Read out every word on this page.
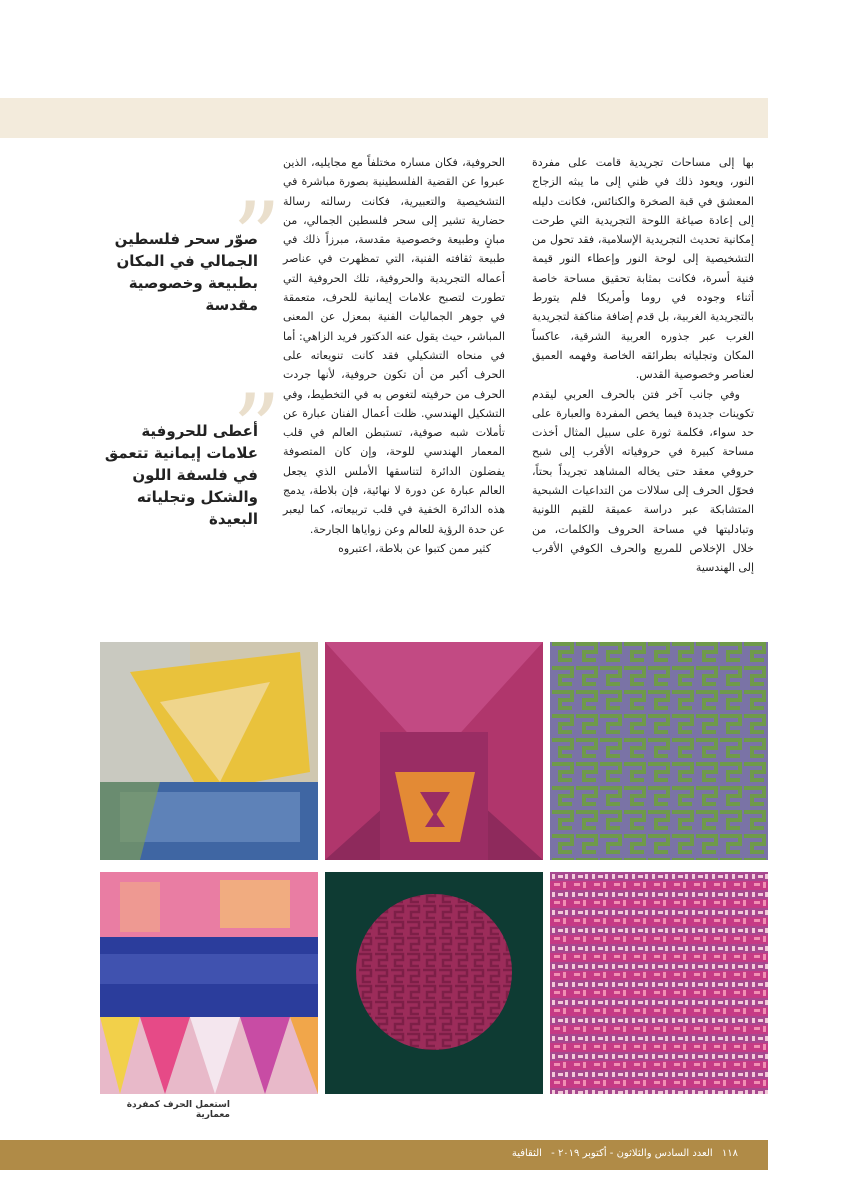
بها إلى مساحات تجريدية قامت على مفردة النور، ويعود ذلك في ظني إلى ما يبثه الزجاج المعشق في قبة الصخرة والكنائس، فكانت دليله إلى إعادة صياغة اللوحة التجريدية التي طرحت إمكانية تحديث التجريدية الإسلامية، فقد تحول من التشخيصية إلى لوحة النور وإعطاء النور قيمة فنية أسرة، فكانت بمثابة تحقيق مساحة خاصة أثناء وجوده في روما وأمريكا فلم يتورط بالتجريدية الغربية، بل قدم إضافة مناكفة لتجريدية الغرب عبر جذوره العربية الشرقية، عاكساً المكان وتجلياته بطرائقه الخاصة وفهمه العميق لعناصر وخصوصية القدس.

وفي جانب آخر فتن بالحرف العربي ليقدم تكوينات جديدة فيما يخص المفردة والعبارة على حد سواء، فكلمة ثورة على سبيل المثال أخذت مساحة كبيرة في حروفياته الأقرب إلى شبح حروفي معقد حتى يخاله المشاهد تجريداً بحتاً، فحوّل الحرف إلى سلالات من التداعيات الشبحية المتشابكة عبر دراسة عميقة للقيم اللونية وتبادليتها في مساحة الحروف والكلمات، من خلال الإخلاص للمربع والحرف الكوفي الأقرب إلى الهندسية

الحروفية، فكان مساره مختلفاً مع مجايليه، الذين عبروا عن القضية الفلسطينية بصورة مباشرة في التشخيصية والتعبيرية، فكانت رسالته رسالة حضارية تشير إلى سحر فلسطين الجمالي، من مبانٍ وطبيعة وخصوصية مقدسة، مبرزاً ذلك في طبيعة ثقافته الفنية، التي تمظهرت في عناصر أعماله التجريدية والحروفية، تلك الحروفية التي تطورت لتصبح علامات إيمانية للحرف، متعمقة في جوهر الجماليات الفنية بمعزل عن المعنى المباشر، حيث يقول عنه الدكتور فريد الزاهي: أما في منحاه التشكيلي فقد كانت تنويعاته على الحرف أكبر من أن تكون حروفية، لأنها جردت الحرف من حرفيته لتغوص به في التخطيط، وفي التشكيل الهندسي. ظلت أعمال الفنان عبارة عن تأملات شبه صوفية، تستبطن العالم في قلب المعمار الهندسي للوحة، وإن كان المتصوفة يفضلون الدائرة لتناسقها الأملس الذي يجعل العالم عبارة عن دورة لا نهائية، فإن بلاطة، يدمج هذه الدائرة الخفية في قلب تربيعاته، كما ليعبر عن حدة الرؤية للعالم وعن زواياها الجارحة.

كثير ممن كتبوا عن بلاطة، اعتبروه

”

صوّر سحر فلسطين الجمالي في المكان بطبيعة وخصوصية مقدسة

”

أعطى للحروفية علامات إيمانية تتعمق في فلسفة اللون والشكل وتجلياته البعيدة

استعمل الحرف كمفردة معمارية
١١٨ العدد السادس والثلاثون - أكتوبر ٢٠١٩ - الثقافية
